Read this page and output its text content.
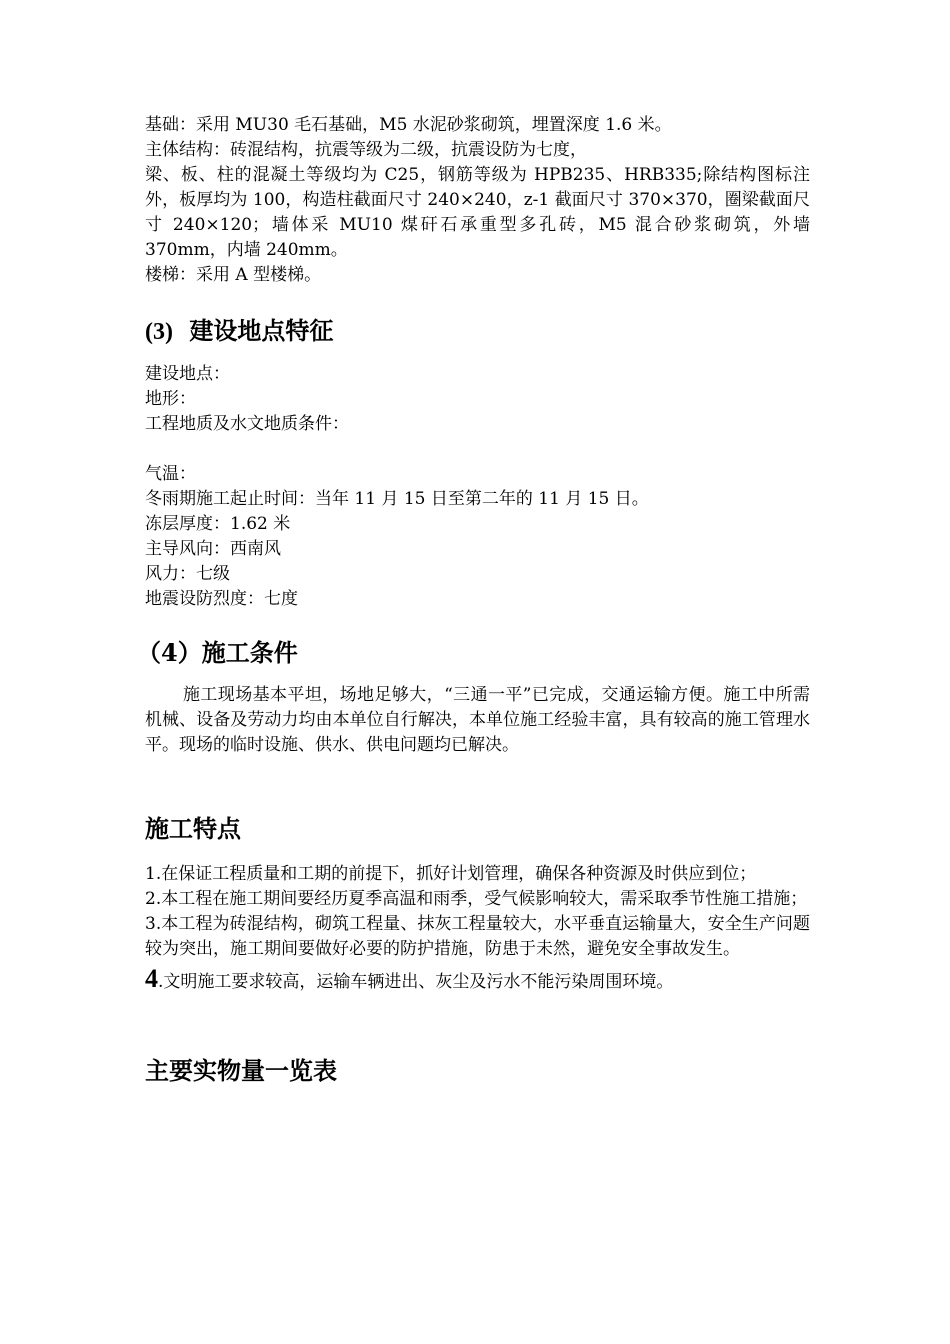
基础：采用 MU30 毛石基础，M5 水泥砂浆砌筑，埋置深度 1.6 米。

主体结构：砖混结构，抗震等级为二级，抗震设防为七度，

梁、板、柱的混凝土等级均为 C25，钢筋等级为 HPB235、HRB335;除结构图标注外，板厚均为 100，构造柱截面尺寸 240×240，z-1 截面尺寸 370×370，圈梁截面尺寸 240×120；墙体采 MU10 煤矸石承重型多孔砖，M5 混合砂浆砌筑，外墙 370mm，内墙 240mm。

楼梯：采用 A 型楼梯。

(3) 建设地点特征

建设地点：

地形：

工程地质及水文地质条件：

气温：

冬雨期施工起止时间：当年 11 月 15 日至第二年的 11 月 15 日。

冻层厚度：1.62 米

主导风向：西南风

风力：七级

地震设防烈度：七度

（4）施工条件

施工现场基本平坦，场地足够大，“三通一平”已完成，交通运输方便。施工中所需机械、设备及劳动力均由本单位自行解决，本单位施工经验丰富，具有较高的施工管理水平。现场的临时设施、供水、供电问题均已解决。

施工特点

1.在保证工程质量和工期的前提下，抓好计划管理，确保各种资源及时供应到位；

2.本工程在施工期间要经历夏季高温和雨季，受气候影响较大，需采取季节性施工措施；

3.本工程为砖混结构，砌筑工程量、抹灰工程量较大，水平垂直运输量大，安全生产问题较为突出，施工期间要做好必要的防护措施，防患于未然，避免安全事故发生。

4.文明施工要求较高，运输车辆进出、灰尘及污水不能污染周围环境。

主要实物量一览表
